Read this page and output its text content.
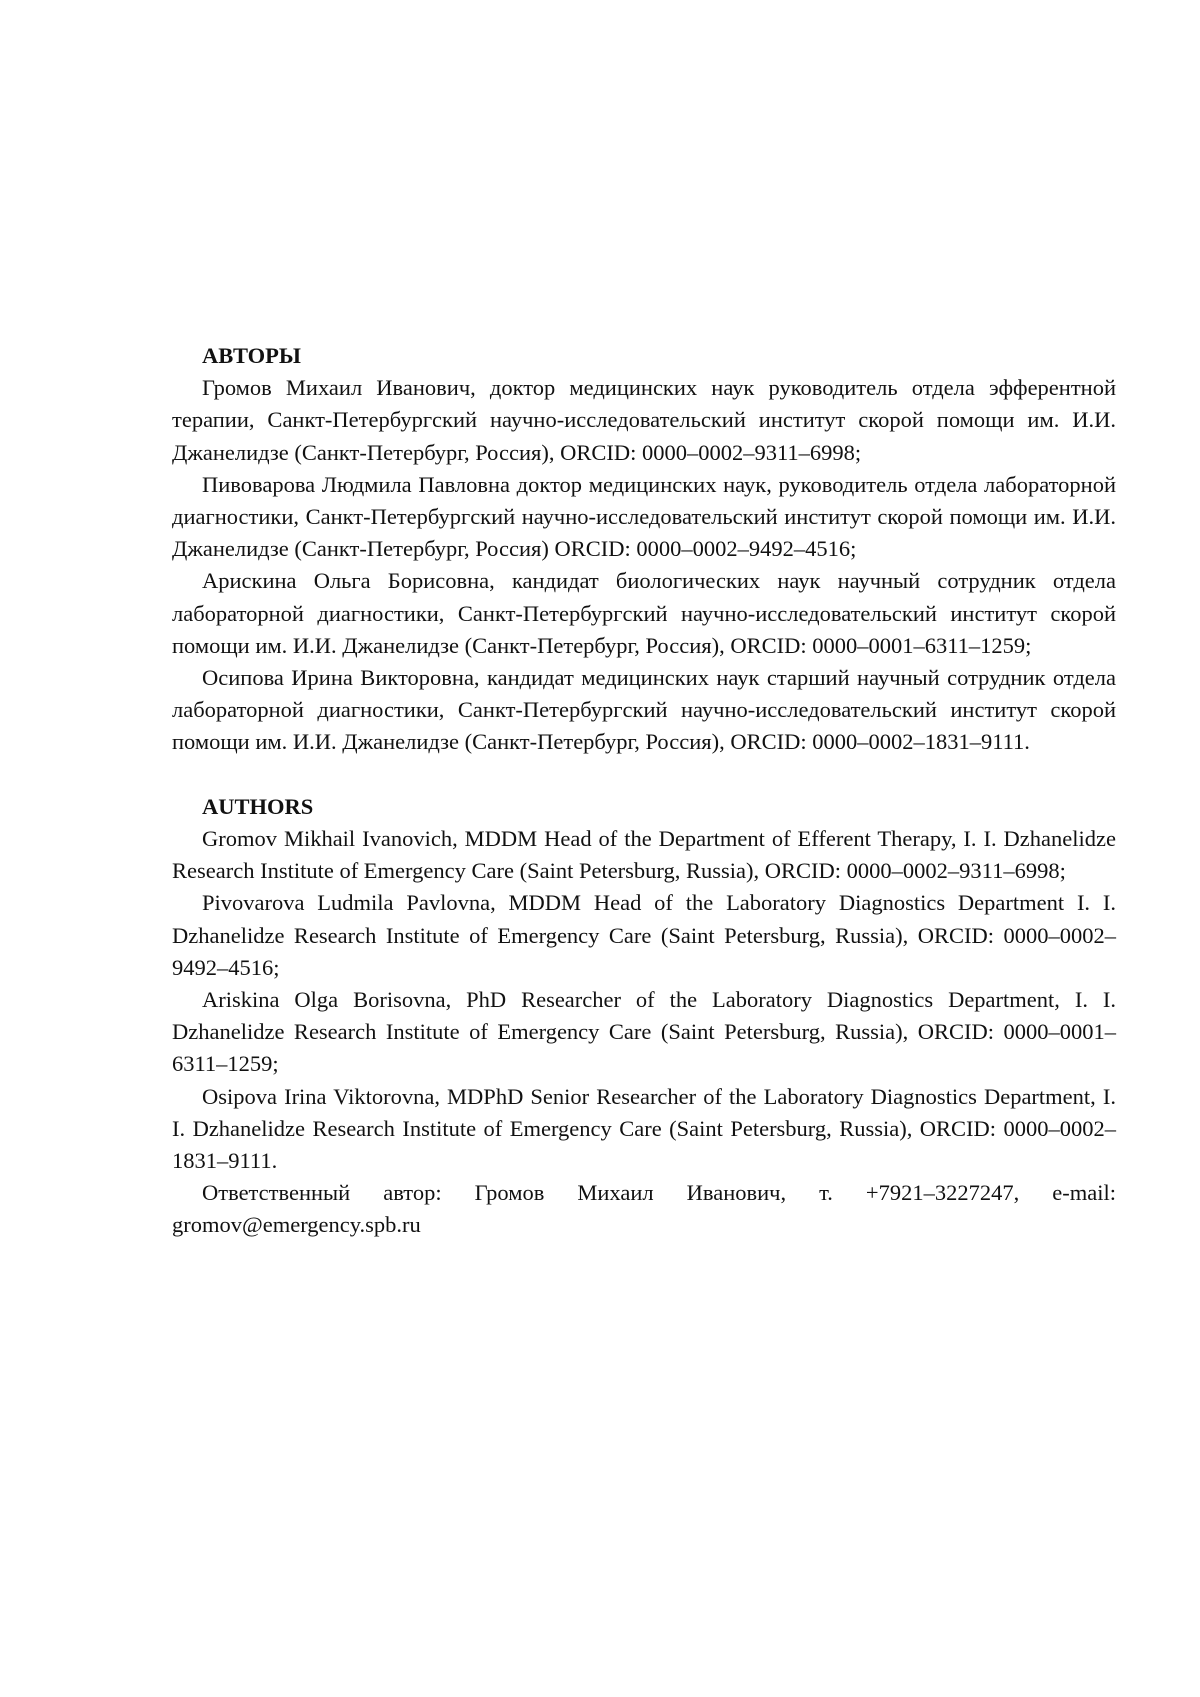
АВТОРЫ

Громов Михаил Иванович, доктор медицинских наук руководитель отдела эфферентной терапии, Санкт-Петербургский научно-исследовательский институт скорой помощи им. И.И. Джанелидзе (Санкт-Петербург, Россия), ORCID: 0000–0002–9311–6998;

Пивоварова Людмила Павловна доктор медицинских наук, руководитель отдела лабораторной диагностики, Санкт-Петербургский научно-исследовательский институт скорой помощи им. И.И. Джанелидзе (Санкт-Петербург, Россия) ORCID: 0000–0002–9492–4516;

Арискина Ольга Борисовна, кандидат биологических наук научный сотрудник отдела лабораторной диагностики, Санкт-Петербургский научно-исследовательский институт скорой помощи им. И.И. Джанелидзе (Санкт-Петербург, Россия), ORCID: 0000–0001–6311–1259;

Осипова Ирина Викторовна, кандидат медицинских наук старший научный сотрудник отдела лабораторной диагностики, Санкт-Петербургский научно-исследовательский институт скорой помощи им. И.И. Джанелидзе (Санкт-Петербург, Россия), ORCID: 0000–0002–1831–9111.

AUTHORS

Gromov Mikhail Ivanovich, MDDM Head of the Department of Efferent Therapy, I. I. Dzhanelidze Research Institute of Emergency Care (Saint Petersburg, Russia), ORCID: 0000–0002–9311–6998;

Pivovarova Ludmila Pavlovna, MDDM Head of the Laboratory Diagnostics Department I. I. Dzhanelidze Research Institute of Emergency Care (Saint Petersburg, Russia), ORCID: 0000–0002–9492–4516;

Ariskina Olga Borisovna, PhD Researcher of the Laboratory Diagnostics Department, I. I. Dzhanelidze Research Institute of Emergency Care (Saint Petersburg, Russia), ORCID: 0000–0001–6311–1259;

Osipova Irina Viktorovna, MDPhD Senior Researcher of the Laboratory Diagnostics Department, I. I. Dzhanelidze Research Institute of Emergency Care (Saint Petersburg, Russia), ORCID: 0000–0002–1831–9111.

Ответственный автор: Громов Михаил Иванович, т. +7921–3227247, e-mail: gromov@emergency.spb.ru
